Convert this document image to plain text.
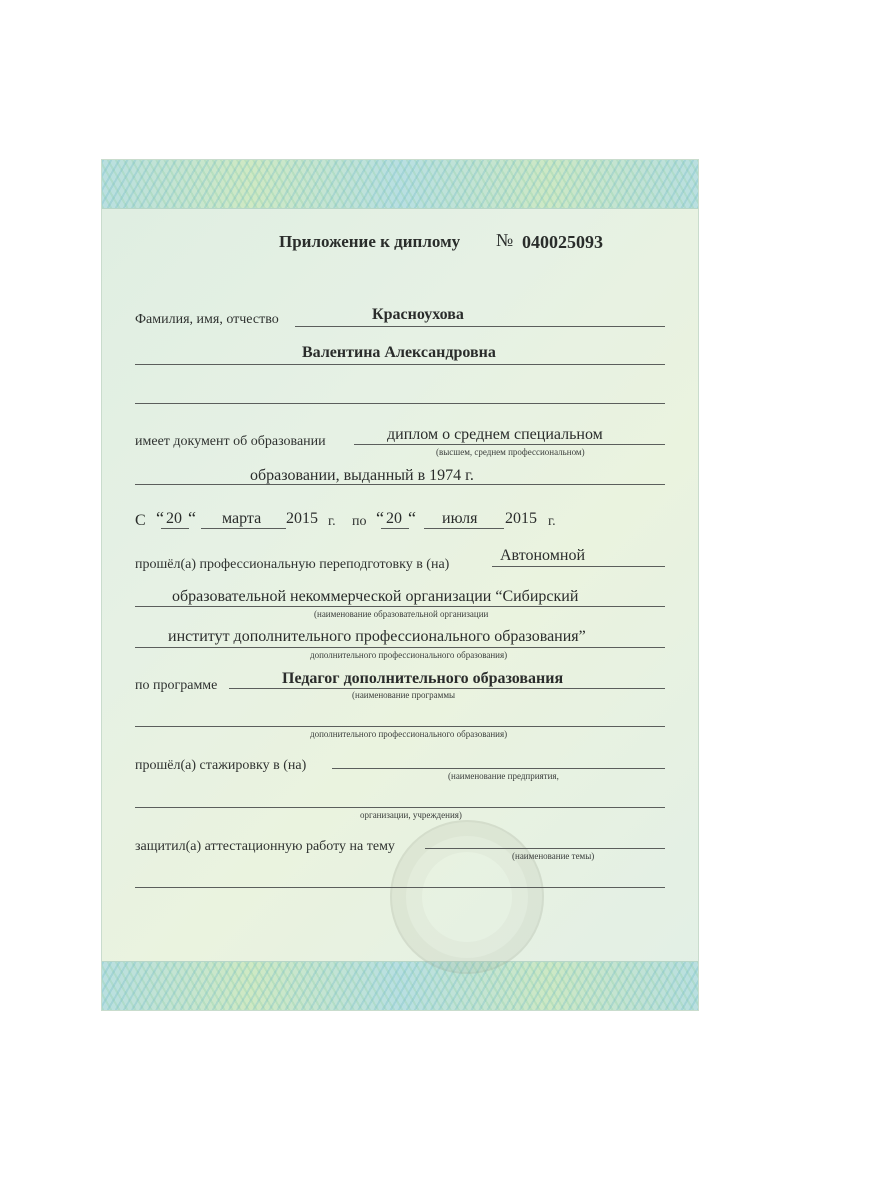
Приложение к диплому № 040025093
Фамилия, имя, отчество	Красноухова
Валентина Александровна
имеет документ об образовании	диплом о среднем специальном
(высшем, среднем профессиональном)
образовании, выданный в 1974 г.
С “ 20 “ марта 2015 г. по “ 20 “ июля 2015 г.
прошёл(а) профессиональную переподготовку в (на)
Автономной
образовательной некоммерческой организации “Сибирский
(наименование образовательной организации
институт дополнительного профессионального образования”
дополнительного профессионального образования)
по программе	Педагог дополнительного образования
(наименование программы
дополнительного профессионального образования)
прошёл(а) стажировку в (на)
(наименование предприятия,
организации, учреждения)
защитил(а) аттестационную работу на тему
(наименование темы)
